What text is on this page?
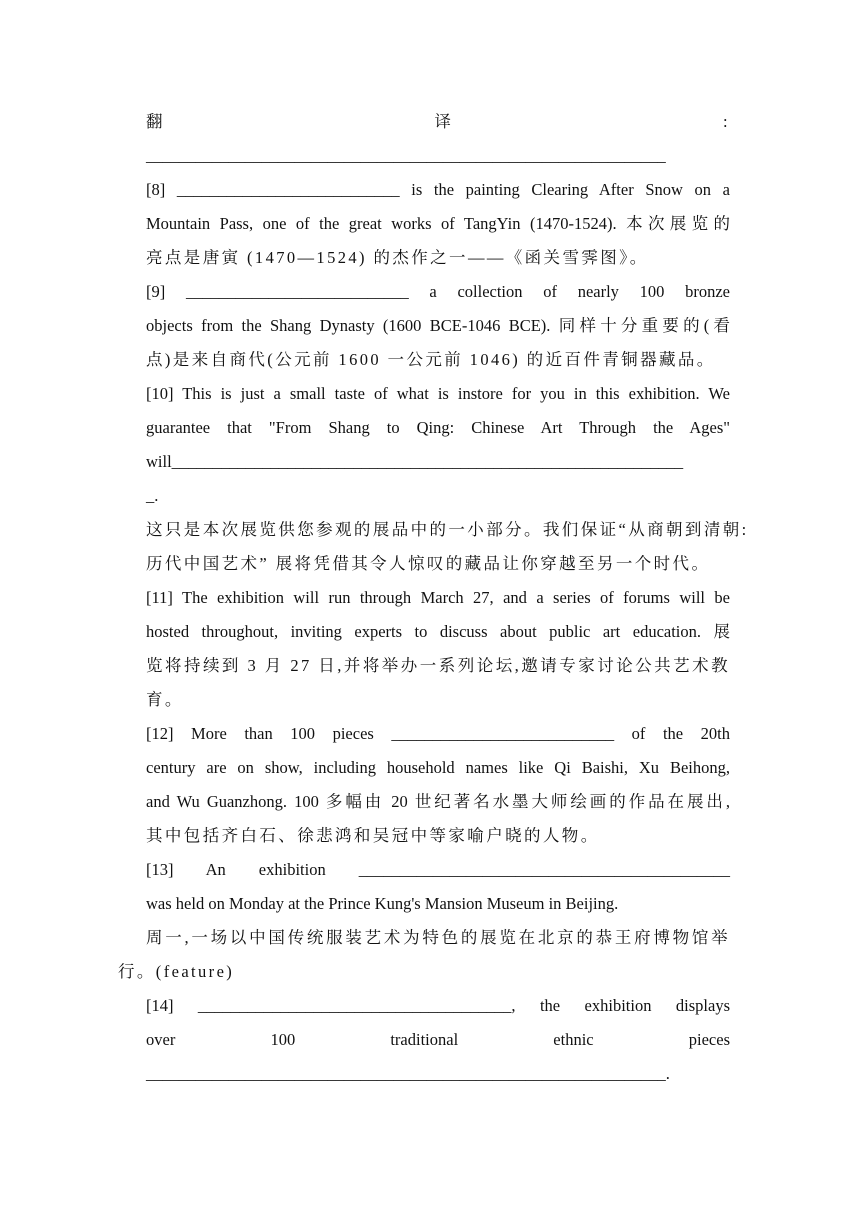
翻 译 :
_______________________________________________________________
[8] ___________________________ is the painting Clearing After Snow on a
Mountain Pass, one of the great works of TangYin (1470-1524). 本次展览的
亮点是唐寅 (1470—1524) 的杰作之一——《函关雪霁图》。
[9] ___________________________ a collection of nearly 100 bronze
objects from the Shang Dynasty (1600 BCE-1046 BCE). 同样十分重要的(看
点)是来自商代(公元前 1600 一公元前 1046) 的近百件青铜器藏品。
[10] This is just a small taste of what is instore for you in this exhibition. We
guarantee that "From Shang to Qing: Chinese Art Through the Ages"
will______________________________________________________________
_.
这只是本次展览供您参观的展品中的一小部分。我们保证“从商朝到清朝:
历代中国艺术” 展将凭借其令人惊叹的藏品让你穿越至另一个时代。
[11] The exhibition will run through March 27, and a series of forums will be
hosted throughout, inviting experts to discuss about public art education. 展
览将持续到 3 月 27 日,并将举办一系列论坛,邀请专家讨论公共艺术教
育。
[12] More than 100 pieces ___________________________ of the 20th
century are on show, including household names like Qi Baishi, Xu Beihong,
and Wu Guanzhong. 100 多幅由 20 世纪著名水墨大师绘画的作品在展出,
其中包括齐白石、徐悲鸿和吴冠中等家喻户晓的人物。
[13] An exhibition _____________________________________________
was held on Monday at the Prince Kung's Mansion Museum in Beijing.
周一,一场以中国传统服装艺术为特色的展览在北京的恭王府博物馆举
行。(feature)
[14] ______________________________________, the exhibition displays
over 100 traditional ethnic pieces
_______________________________________________________________.
